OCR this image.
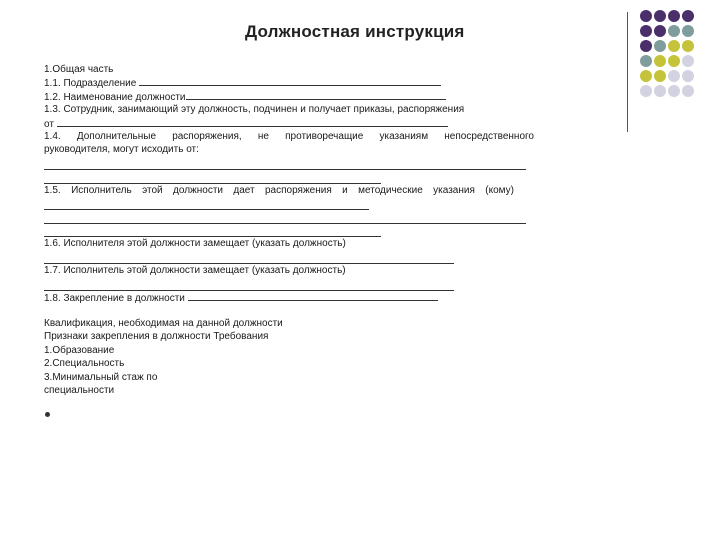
Должностная инструкция
1.Общая часть
1.1. Подразделение
1.2. Наименование должности
1.3. Сотрудник, занимающий эту должность, подчинен и получает приказы, распоряжения
от
1.4. Дополнительные распоряжения, не противоречащие указаниям непосредственного
руководителя, могут исходить от:
1.5. Исполнитель этой должности дает распоряжения и методические указания (кому)
1.6. Исполнителя этой должности замещает (указать должность)
1.7. Исполнитель этой должности замещает (указать должность)
1.8. Закрепление в должности
Квалификация, необходимая на данной должности
Признаки закрепления в должности Требования
1.Образование
2.Специальность
3.Минимальный стаж по
специальности
